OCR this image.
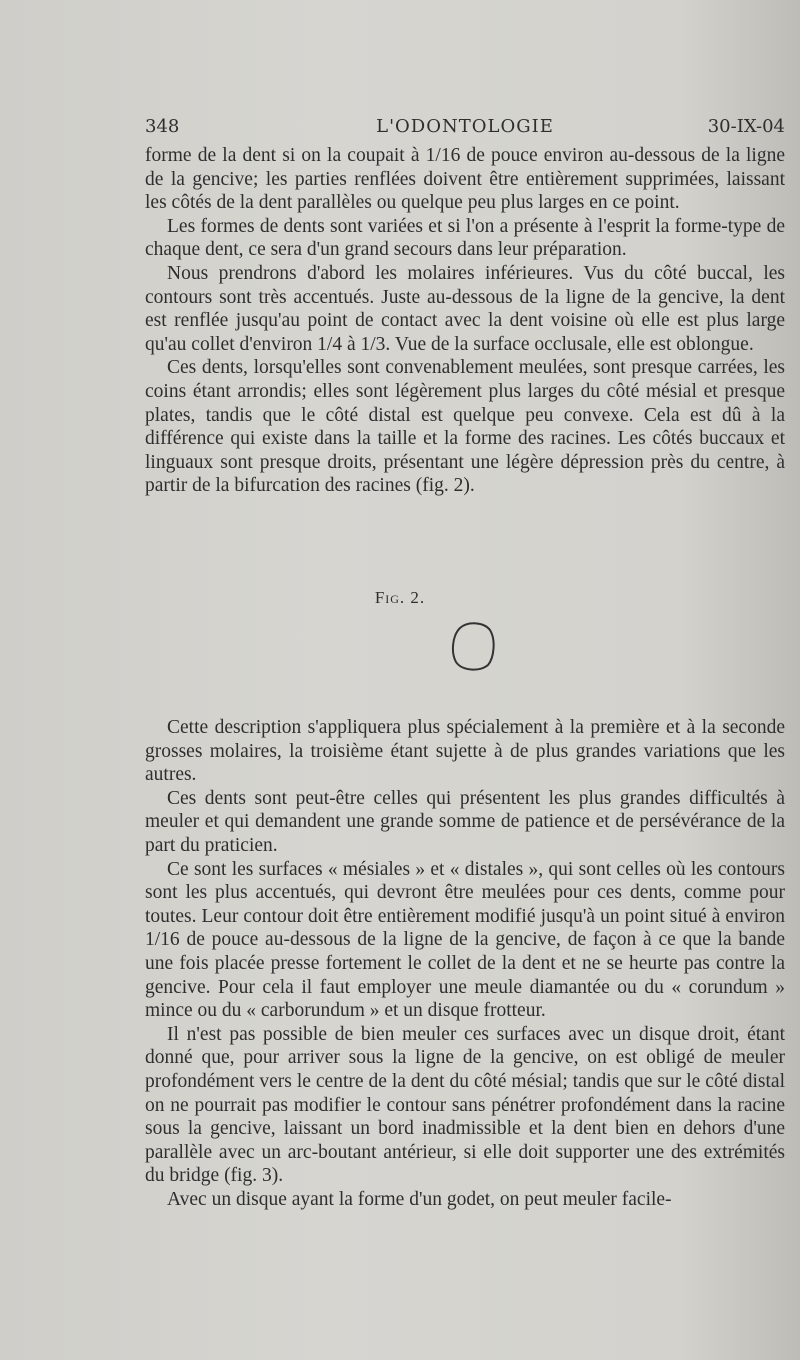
348	L'ODONTOLOGIE	30-IX-04

forme de la dent si on la coupait à 1/16 de pouce environ au-dessous de la ligne de la gencive; les parties renflées doivent être entièrement supprimées, laissant les côtés de la dent parallèles ou quelque peu plus larges en ce point.

Les formes de dents sont variées et si l'on a présente à l'esprit la forme-type de chaque dent, ce sera d'un grand secours dans leur préparation.

Nous prendrons d'abord les molaires inférieures. Vus du côté buccal, les contours sont très accentués. Juste au-dessous de la ligne de la gencive, la dent est renflée jusqu'au point de contact avec la dent voisine où elle est plus large qu'au collet d'environ 1/4 à 1/3. Vue de la surface occlusale, elle est oblongue.

Ces dents, lorsqu'elles sont convenablement meulées, sont presque carrées, les coins étant arrondis; elles sont légèrement plus larges du côté mésial et presque plates, tandis que le côté distal est quelque peu convexe. Cela est dû à la différence qui existe dans la taille et la forme des racines. Les côtés buccaux et linguaux sont presque droits, présentant une légère dépression près du centre, à partir de la bifurcation des racines (fig. 2).

Fig. 2.

Cette description s'appliquera plus spécialement à la première et à la seconde grosses molaires, la troisième étant sujette à de plus grandes variations que les autres.

Ces dents sont peut-être celles qui présentent les plus grandes difficultés à meuler et qui demandent une grande somme de patience et de persévérance de la part du praticien.

Ce sont les surfaces « mésiales » et « distales », qui sont celles où les contours sont les plus accentués, qui devront être meulées pour ces dents, comme pour toutes. Leur contour doit être entièrement modifié jusqu'à un point situé à environ 1/16 de pouce au-dessous de la ligne de la gencive, de façon à ce que la bande une fois placée presse fortement le collet de la dent et ne se heurte pas contre la gencive. Pour cela il faut employer une meule diamantée ou du « corundum » mince ou du « carborundum » et un disque frotteur.

Il n'est pas possible de bien meuler ces surfaces avec un disque droit, étant donné que, pour arriver sous la ligne de la gencive, on est obligé de meuler profondément vers le centre de la dent du côté mésial; tandis que sur le côté distal on ne pourrait pas modifier le contour sans pénétrer profondément dans la racine sous la gencive, laissant un bord inadmissible et la dent bien en dehors d'une parallèle avec un arc-boutant antérieur, si elle doit supporter une des extrémités du bridge (fig. 3).

Avec un disque ayant la forme d'un godet, on peut meuler facile-
